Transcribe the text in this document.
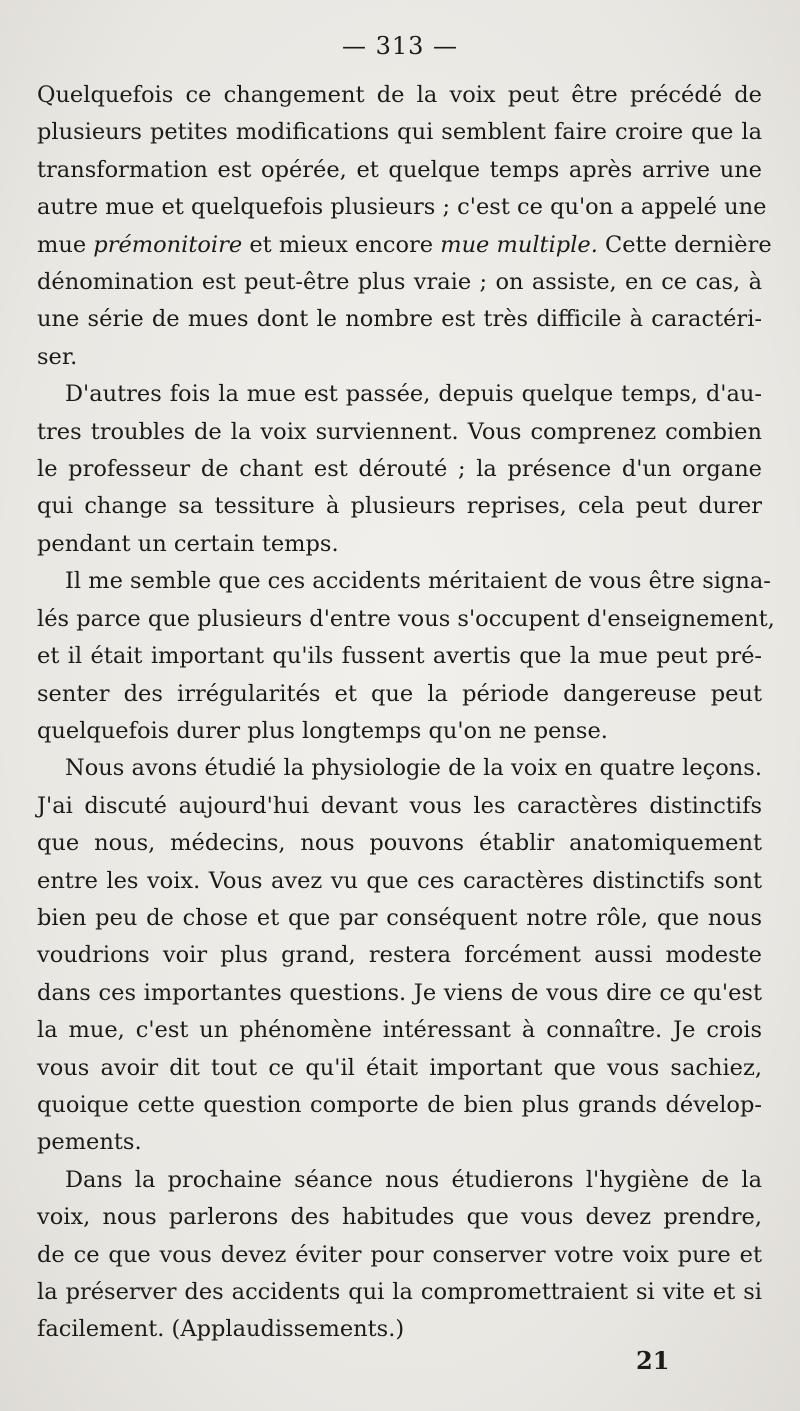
— 313 —
Quelquefois ce changement de la voix peut être précédé de
plusieurs petites modifications qui semblent faire croire que la
transformation est opérée, et quelque temps après arrive une
autre mue et quelquefois plusieurs ; c'est ce qu'on a appelé une
mue prémonitoire et mieux encore mue multiple. Cette dernière
dénomination est peut-être plus vraie ; on assiste, en ce cas, à
une série de mues dont le nombre est très difficile à caractéri-
ser.
D'autres fois la mue est passée, depuis quelque temps, d'au-
tres troubles de la voix surviennent. Vous comprenez combien
le professeur de chant est dérouté ; la présence d'un organe
qui change sa tessiture à plusieurs reprises, cela peut durer
pendant un certain temps.
Il me semble que ces accidents méritaient de vous être signa-
lés parce que plusieurs d'entre vous s'occupent d'enseignement,
et il était important qu'ils fussent avertis que la mue peut pré-
senter des irrégularités et que la période dangereuse peut
quelquefois durer plus longtemps qu'on ne pense.
Nous avons étudié la physiologie de la voix en quatre leçons.
J'ai discuté aujourd'hui devant vous les caractères distinctifs
que nous, médecins, nous pouvons établir anatomiquement
entre les voix. Vous avez vu que ces caractères distinctifs sont
bien peu de chose et que par conséquent notre rôle, que nous
voudrions voir plus grand, restera forcément aussi modeste
dans ces importantes questions. Je viens de vous dire ce qu'est
la mue, c'est un phénomène intéressant à connaître. Je crois
vous avoir dit tout ce qu'il était important que vous sachiez,
quoique cette question comporte de bien plus grands dévelop-
pements.
Dans la prochaine séance nous étudierons l'hygiène de la
voix, nous parlerons des habitudes que vous devez prendre,
de ce que vous devez éviter pour conserver votre voix pure et
la préserver des accidents qui la compromettraient si vite et si
facilement. (Applaudissements.)
21
